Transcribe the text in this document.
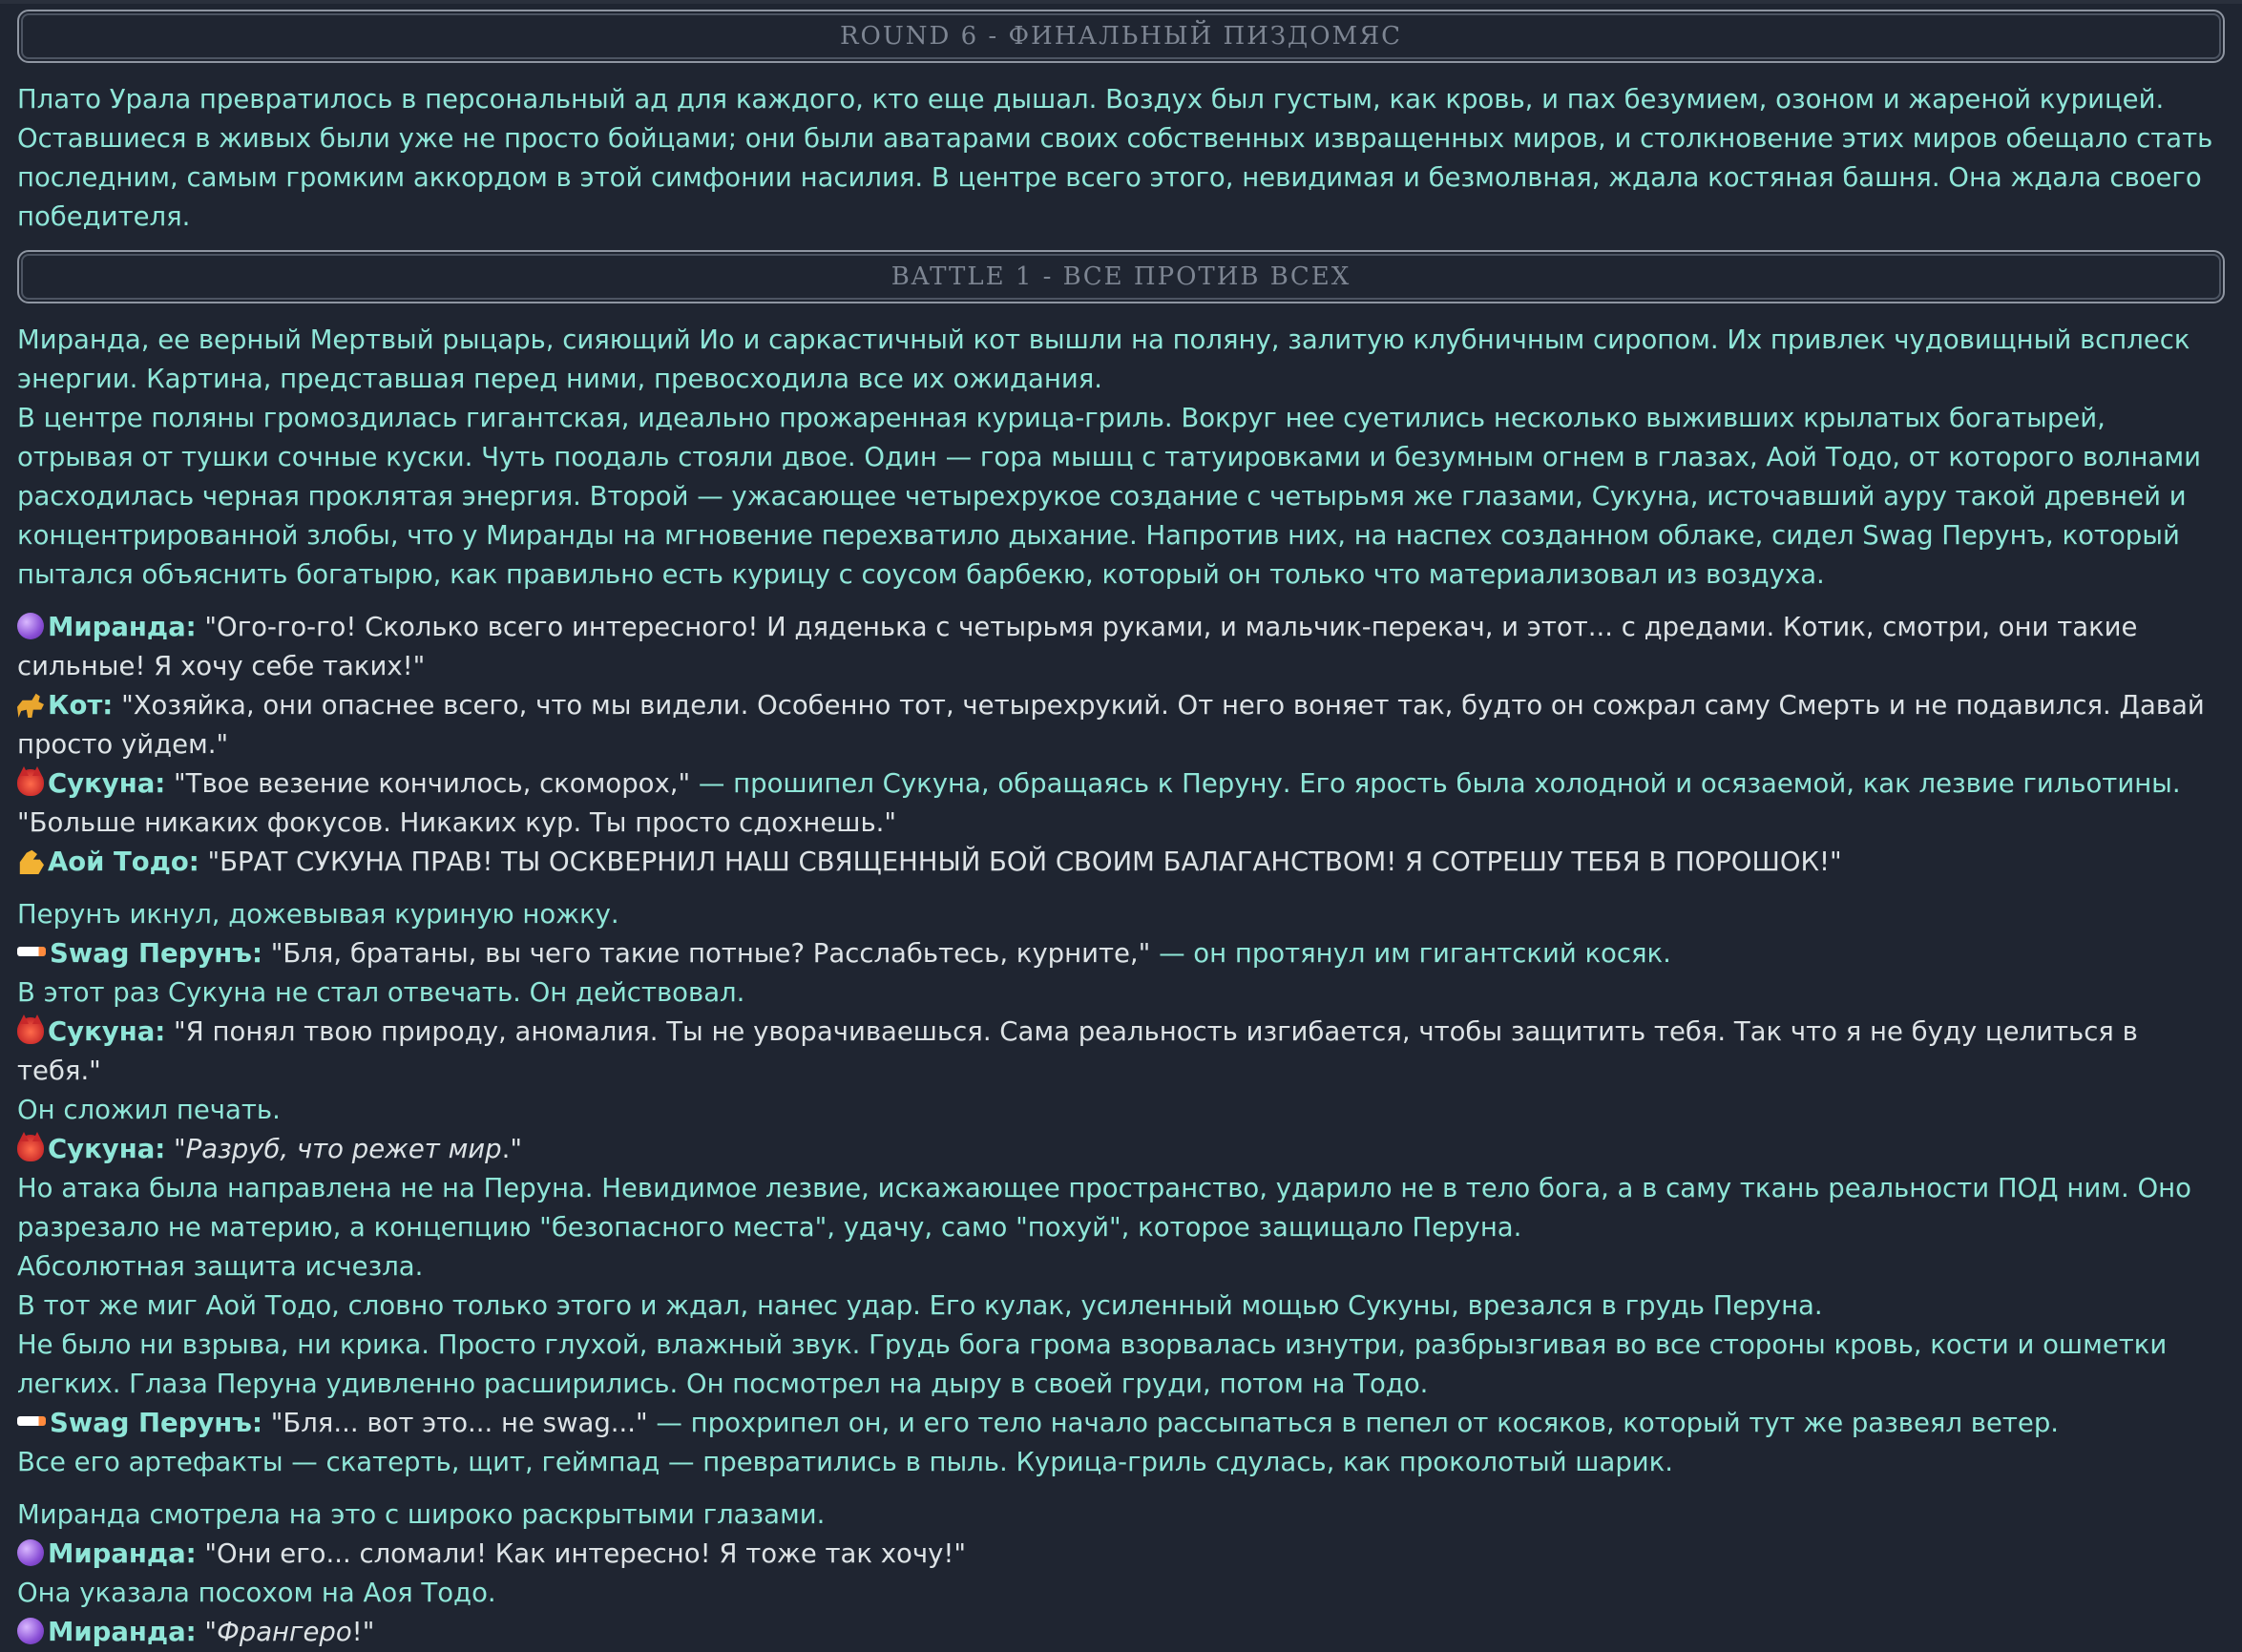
ROUND 6 - ФИНАЛЬНЫЙ ПИЗДОМЯС
Плато Урала превратилось в персональный ад для каждого, кто еще дышал. Воздух был густым, как кровь, и пах безумием, озоном и жареной курицей. Оставшиеся в живых были уже не просто бойцами; они были аватарами своих собственных извращенных миров, и столкновение этих миров обещало стать последним, самым громким аккордом в этой симфонии насилия. В центре всего этого, невидимая и безмолвная, ждала костяная башня. Она ждала своего победителя.
BATTLE 1 - ВСЕ ПРОТИВ ВСЕХ
Миранда, ее верный Мертвый рыцарь, сияющий Ио и саркастичный кот вышли на поляну, залитую клубничным сиропом. Их привлек чудовищный всплеск энергии. Картина, представшая перед ними, превосходила все их ожидания.
В центре поляны громоздилась гигантская, идеально прожаренная курица-гриль. Вокруг нее суетились несколько выживших крылатых богатырей, отрывая от тушки сочные куски. Чуть поодаль стояли двое. Один — гора мышц с татуировками и безумным огнем в глазах, Аой Тодо, от которого волнами расходилась черная проклятая энергия. Второй — ужасающее четырехрукое создание с четырьмя же глазами, Сукуна, источавший ауру такой древней и концентрированной злобы, что у Миранды на мгновение перехватило дыхание. Напротив них, на наспех созданном облаке, сидел Swag Перунъ, который пытался объяснить богатырю, как правильно есть курицу с соусом барбекю, который он только что материализовал из воздуха.
Миранда: "Ого-го-го! Сколько всего интересного! И дяденька с четырьмя руками, и мальчик-перекач, и этот... с дредами. Котик, смотри, они такие сильные! Я хочу себе таких!"
Кот: "Хозяйка, они опаснее всего, что мы видели. Особенно тот, четырехрукий. От него воняет так, будто он сожрал саму Смерть и не подавился. Давай просто уйдем."
Сукуна: "Твое везение кончилось, скоморох," — прошипел Сукуна, обращаясь к Перуну. Его ярость была холодной и осязаемой, как лезвие гильотины. "Больше никаких фокусов. Никаких кур. Ты просто сдохнешь."
Аой Тодо: "БРАТ СУКУНА ПРАВ! ТЫ ОСКВЕРНИЛ НАШ СВЯЩЕННЫЙ БОЙ СВОИМ БАЛАГАНСТВОМ! Я СОТРЕШУ ТЕБЯ В ПОРОШОК!"
Перунъ икнул, дожевывая куриную ножку.
Swag Перунъ: "Бля, братаны, вы чего такие потные? Расслабьтесь, курните," — он протянул им гигантский косяк.
В этот раз Сукуна не стал отвечать. Он действовал.
Сукуна: "Я понял твою природу, аномалия. Ты не уворачиваешься. Сама реальность изгибается, чтобы защитить тебя. Так что я не буду целиться в тебя."
Он сложил печать.
Сукуна: "Разруб, что режет мир."
Но атака была направлена не на Перуна. Невидимое лезвие, искажающее пространство, ударило не в тело бога, а в саму ткань реальности ПОД ним. Оно разрезало не материю, а концепцию "безопасного места", удачу, само "похуй", которое защищало Перуна.
Абсолютная защита исчезла.
В тот же миг Аой Тодо, словно только этого и ждал, нанес удар. Его кулак, усиленный мощью Сукуны, врезался в грудь Перуна.
Не было ни взрыва, ни крика. Просто глухой, влажный звук. Грудь бога грома взорвалась изнутри, разбрызгивая во все стороны кровь, кости и ошметки легких. Глаза Перуна удивленно расширились. Он посмотрел на дыру в своей груди, потом на Тодо.
Swag Перунъ: "Бля... вот это... не swag..." — прохрипел он, и его тело начало рассыпаться в пепел от косяков, который тут же развеял ветер.
Все его артефакты — скатерть, щит, геймпад — превратились в пыль. Курица-гриль сдулась, как проколотый шарик.
Миранда смотрела на это с широко раскрытыми глазами.
Миранда: "Они его... сломали! Как интересно! Я тоже так хочу!"
Она указала посохом на Аоя Тодо.
Миранда: "Франгеро!"
